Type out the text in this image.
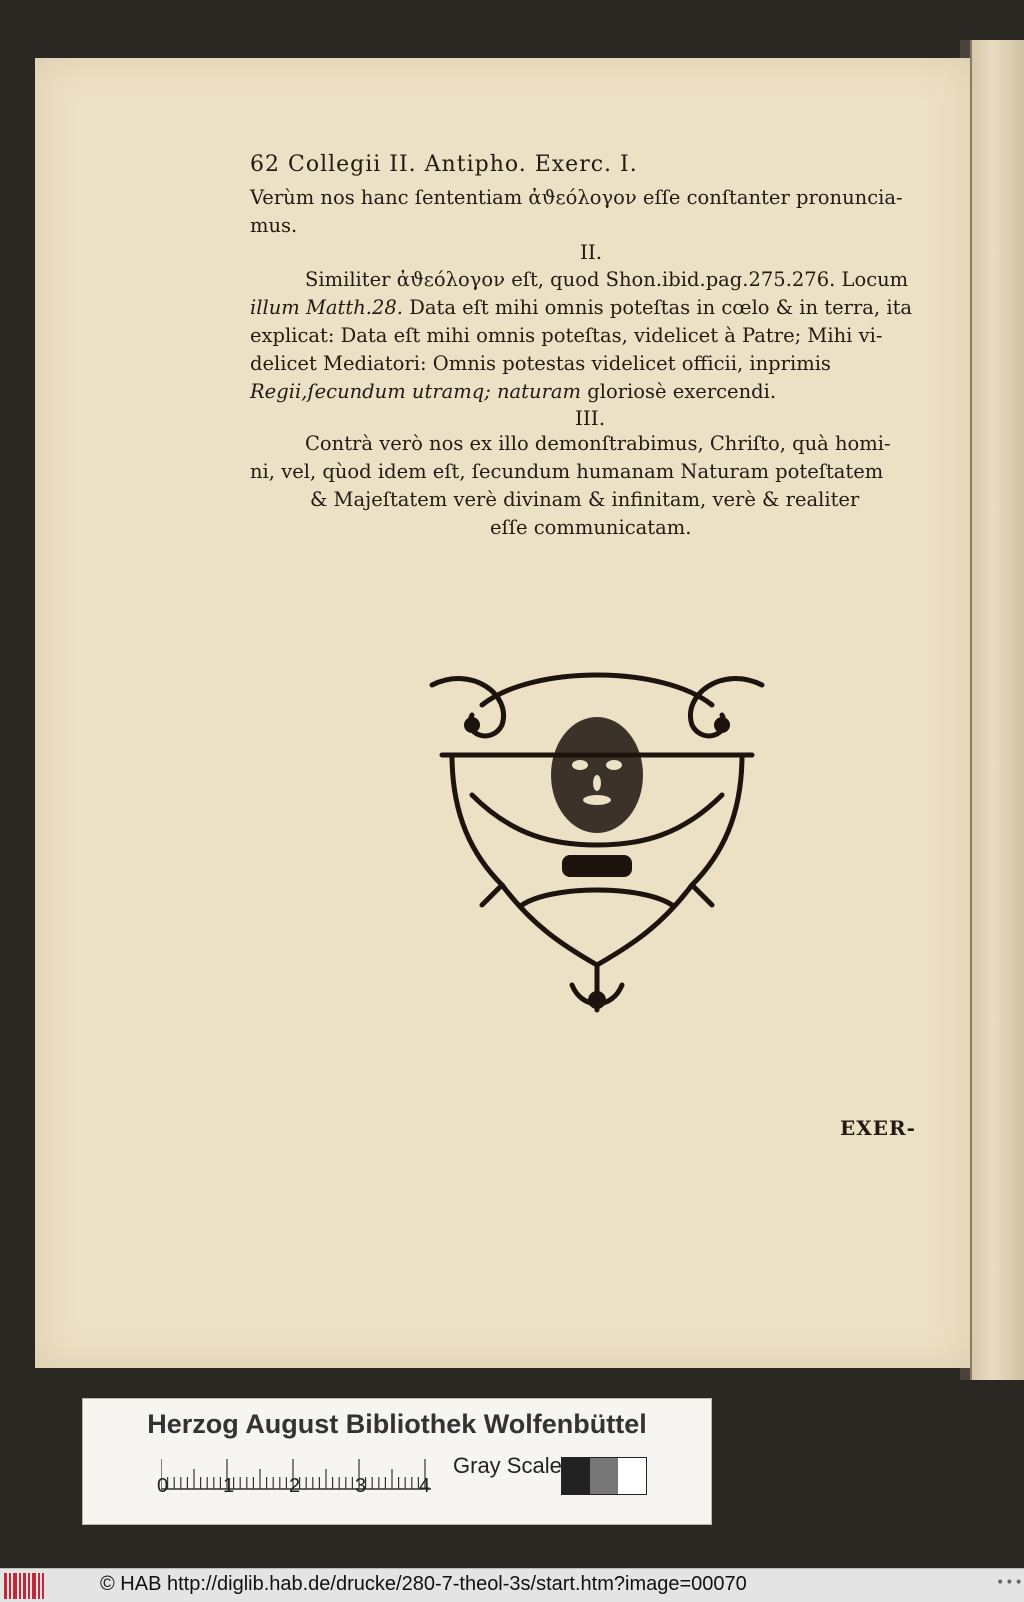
62 Collegii II. Antipho. Exerc. I.
Verùm nos hanc ſententiam ἀϑεόλογον eſſe conſtanter pronuncia-
mus.
II.
Similiter ἀϑεόλογον eſt, quod Shon.ibid.pag.275.276. Locum
illum Matth.28. Data eſt mihi omnis poteſtas in cœlo & in terra, ita
explicat: Data eſt mihi omnis poteſtas, videlicet à Patre; Mihi vi-
delicet Mediatori: Omnis potestas videlicet officii, inprimis
Regii,ſecundum utramq; naturam gloriosè exercendi.
III.
Contrà verò nos ex illo demonſtrabimus, Chriſto, quà homi-
ni, vel, qùod idem eſt, ſecundum humanam Naturam poteſtatem
& Majeſtatem verè divinam & infinitam, verè & realiter
eſſe communicatam.
EXER-
Herzog August Bibliothek Wolfenbüttel
0	1	2	3	4
Gray Scale
© HAB http://diglib.hab.de/drucke/280-7-theol-3s/start.htm?image=00070	•••
